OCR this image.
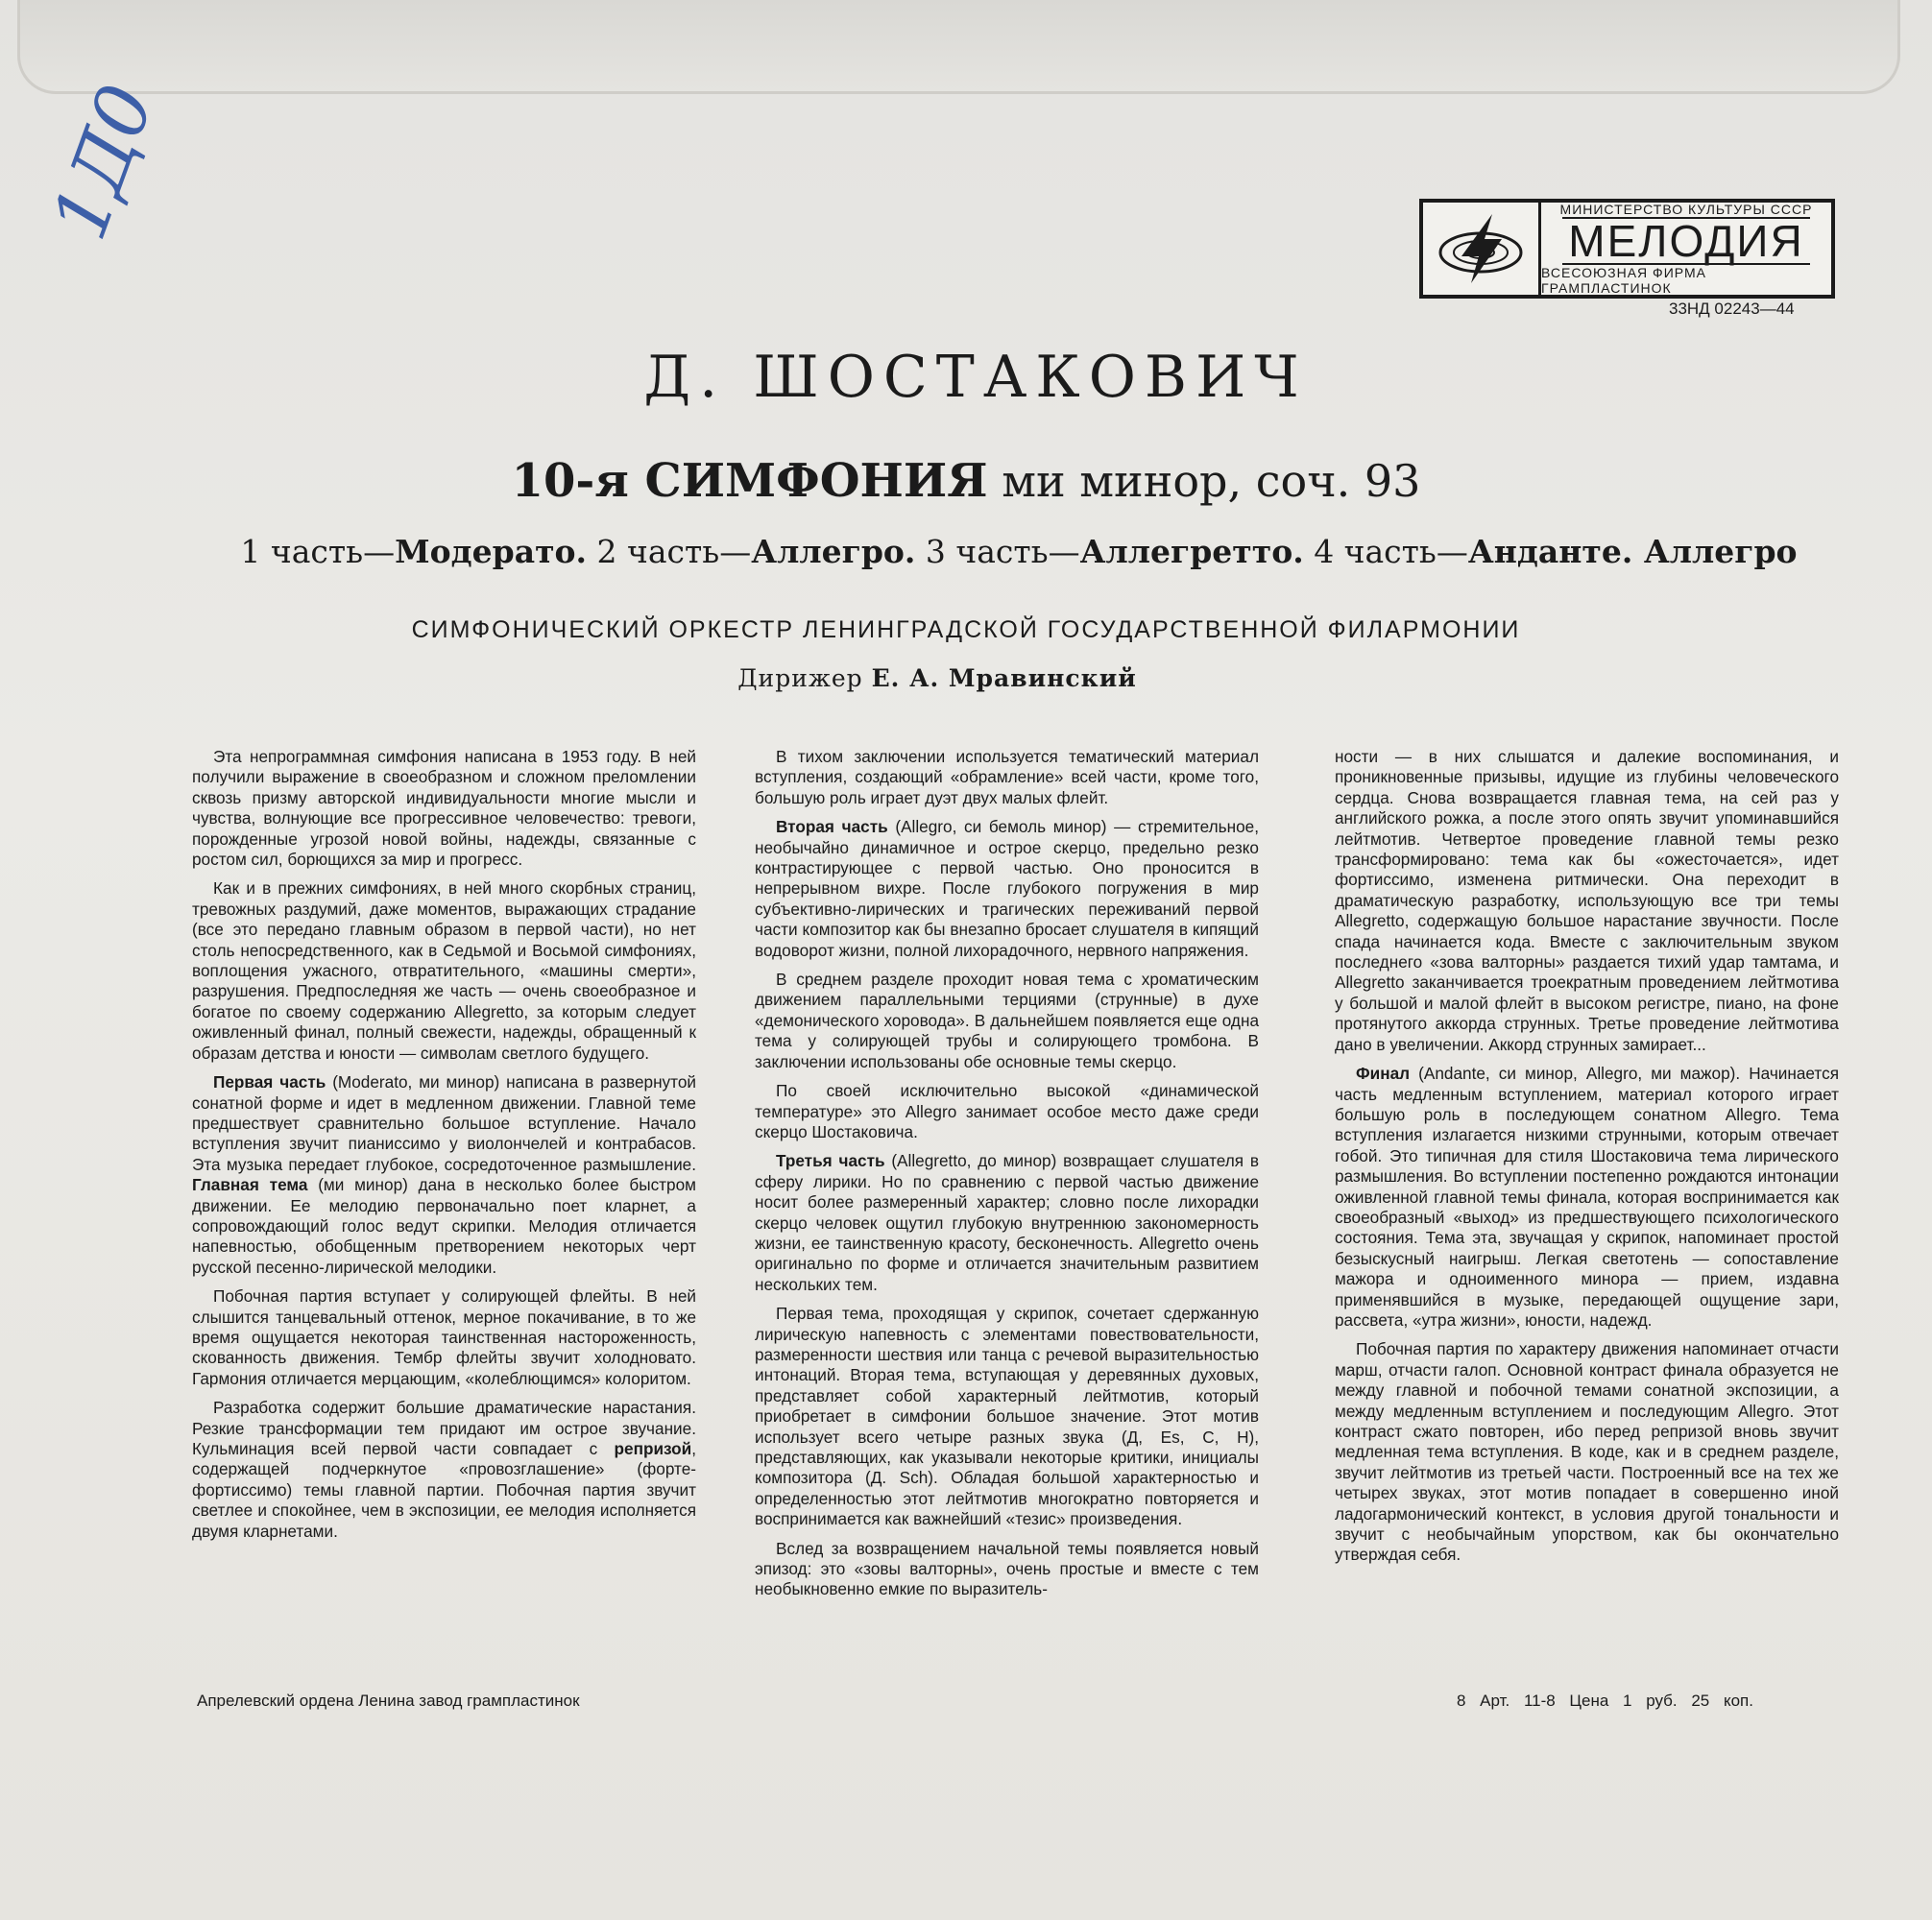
1Д0	МИНИСТЕРСТВО КУЛЬТУРЫ СССР
МЕЛОДИЯ
ВСЕСОЮЗНАЯ ФИРМА ГРАМПЛАСТИНОК
33НД 02243—44
Д. ШОСТАКОВИЧ
10-я СИМФОНИЯ ми минор, соч. 93
1 часть—Модерато. 2 часть—Аллегро. 3 часть—Аллегретто. 4 часть—Анданте. Аллегро
СИМФОНИЧЕСКИЙ ОРКЕСТР ЛЕНИНГРАДСКОЙ ГОСУДАРСТВЕННОЙ ФИЛАРМОНИИ
Дирижер Е. А. Мравинский

Эта непрограммная симфония написана в 1953 году. В ней получили выражение в своеобразном и сложном преломлении сквозь призму авторской индивидуальности многие мысли и чувства, волнующие все прогрессивное человечество: тревоги, порожденные угрозой новой войны, надежды, связанные с ростом сил, борющихся за мир и прогресс.

Как и в прежних симфониях, в ней много скорбных страниц, тревожных раздумий, даже моментов, выражающих страдание (все это передано главным образом в первой части), но нет столь непосредственного, как в Седьмой и Восьмой симфониях, воплощения ужасного, отвратительного, «машины смерти», разрушения. Предпоследняя же часть — очень своеобразное и богатое по своему содержанию Allegretto, за которым следует оживленный финал, полный свежести, надежды, обращенный к образам детства и юности — символам светлого будущего.

Первая часть (Moderato, ми минор) написана в развернутой сонатной форме и идет в медленном движении. Главной теме предшествует сравнительно большое вступление. Начало вступления звучит пианиссимо у виолончелей и контрабасов. Эта музыка передает глубокое, сосредоточенное размышление. Главная тема (ми минор) дана в несколько более быстром движении. Ее мелодию первоначально поет кларнет, а сопровождающий голос ведут скрипки. Мелодия отличается напевностью, обобщенным претворением некоторых черт русской песенно-лирической мелодики.

Побочная партия вступает у солирующей флейты. В ней слышится танцевальный оттенок, мерное покачивание, в то же время ощущается некоторая таинственная настороженность, скованность движения. Тембр флейты звучит холодновато. Гармония отличается мерцающим, «колеблющимся» колоритом.

Разработка содержит большие драматические нарастания. Резкие трансформации тем придают им острое звучание. Кульминация всей первой части совпадает с репризой, содержащей подчеркнутое «провозглашение» (форте-фортиссимо) темы главной партии. Побочная партия звучит светлее и спокойнее, чем в экспозиции, ее мелодия исполняется двумя кларнетами.

В тихом заключении используется тематический материал вступления, создающий «обрамление» всей части, кроме того, большую роль играет дуэт двух малых флейт.

Вторая часть (Allegro, си бемоль минор) — стремительное, необычайно динамичное и острое скерцо, предельно резко контрастирующее с первой частью. Оно проносится в непрерывном вихре. После глубокого погружения в мир субъективно-лирических и трагических переживаний первой части композитор как бы внезапно бросает слушателя в кипящий водоворот жизни, полной лихорадочного, нервного напряжения.

В среднем разделе проходит новая тема с хроматическим движением параллельными терциями (струнные) в духе «демонического хоровода». В дальнейшем появляется еще одна тема у солирующей трубы и солирующего тромбона. В заключении использованы обе основные темы скерцо.

По своей исключительно высокой «динамической температуре» это Allegro занимает особое место даже среди скерцо Шостаковича.

Третья часть (Allegretto, до минор) возвращает слушателя в сферу лирики. Но по сравнению с первой частью движение носит более размеренный характер; словно после лихорадки скерцо человек ощутил глубокую внутреннюю закономерность жизни, ее таинственную красоту, бесконечность. Allegretto очень оригинально по форме и отличается значительным развитием нескольких тем.

Первая тема, проходящая у скрипок, сочетает сдержанную лирическую напевность с элементами повествовательности, размеренности шествия или танца с речевой выразительностью интонаций. Вторая тема, вступающая у деревянных духовых, представляет собой характерный лейтмотив, который приобретает в симфонии большое значение. Этот мотив использует всего четыре разных звука (Д, Es, C, H), представляющих, как указывали некоторые критики, инициалы композитора (Д. Sch). Обладая большой характерностью и определенностью этот лейтмотив многократно повторяется и воспринимается как важнейший «тезис» произведения.

Вслед за возвращением начальной темы появляется новый эпизод: это «зовы валторны», очень простые и вместе с тем необыкновенно емкие по выразитель-

ности — в них слышатся и далекие воспоминания, и проникновенные призывы, идущие из глубины человеческого сердца. Снова возвращается главная тема, на сей раз у английского рожка, а после этого опять звучит упоминавшийся лейтмотив. Четвертое проведение главной темы резко трансформировано: тема как бы «ожесточается», идет фортиссимо, изменена ритмически. Она переходит в драматическую разработку, использующую все три темы Allegretto, содержащую большое нарастание звучности. После спада начинается кода. Вместе с заключительным звуком последнего «зова валторны» раздается тихий удар тамтама, и Allegretto заканчивается троекратным проведением лейтмотива у большой и малой флейт в высоком регистре, пиано, на фоне протянутого аккорда струнных. Третье проведение лейтмотива дано в увеличении. Аккорд струнных замирает...

Финал (Andante, си минор, Allegro, ми мажор). Начинается часть медленным вступлением, материал которого играет большую роль в последующем сонатном Allegro. Тема вступления излагается низкими струнными, которым отвечает гобой. Это типичная для стиля Шостаковича тема лирического размышления. Во вступлении постепенно рождаются интонации оживленной главной темы финала, которая воспринимается как своеобразный «выход» из предшествующего психологического состояния. Тема эта, звучащая у скрипок, напоминает простой безыскусный наигрыш. Легкая светотень — сопоставление мажора и одноименного минора — прием, издавна применявшийся в музыке, передающей ощущение зари, рассвета, «утра жизни», юности, надежд.

Побочная партия по характеру движения напоминает отчасти марш, отчасти галоп. Основной контраст финала образуется не между главной и побочной темами сонатной экспозиции, а между медленным вступлением и последующим Allegro. Этот контраст сжато повторен, ибо перед репризой вновь звучит медленная тема вступления. В коде, как и в среднем разделе, звучит лейтмотив из третьей части. Построенный все на тех же четырех звуках, этот мотив попадает в совершенно иной ладогармонический контекст, в условия другой тональности и звучит с необычайным упорством, как бы окончательно утверждая себя.

Апрелевский ордена Ленина завод грампластинок	8 Арт. 11-8 Цена 1 руб. 25 коп.
